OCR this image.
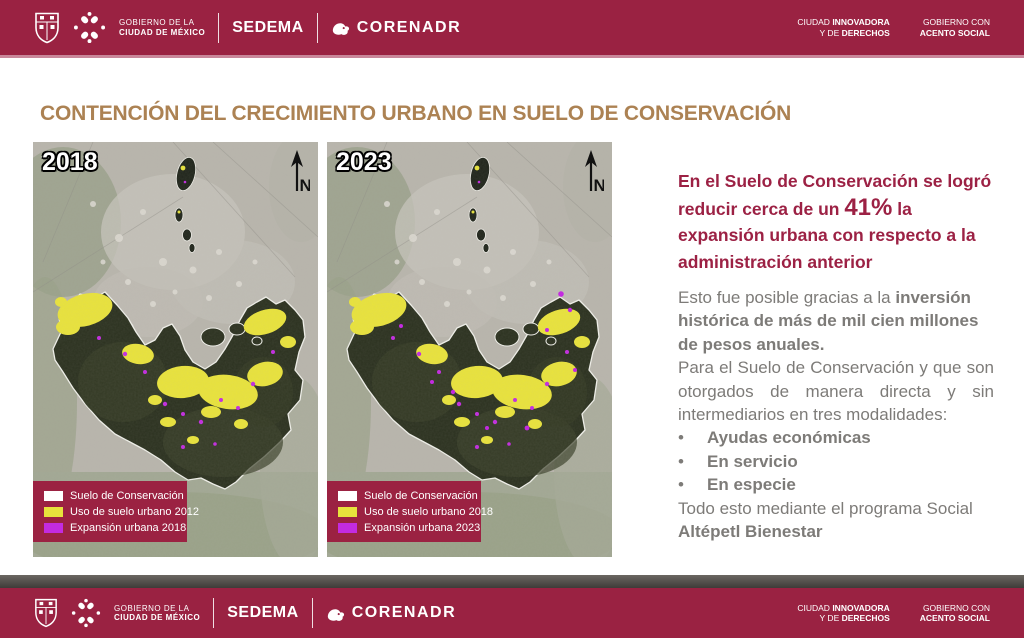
GOBIERNO DE LA
CIUDAD DE MÉXICO SEDEMA	CORENADR	CIUDAD INNOVADORA
Y DE DERECHOS
GOBIERNO CON
ACENTO SOCIAL
CONTENCIÓN DEL CRECIMIENTO URBANO EN SUELO DE CONSERVACIÓN
2018
Suelo de Conservación
Uso de suelo urbano 2012
Expansión urbana 2018
2023
Suelo de Conservación
Uso de suelo urbano 2018
Expansión urbana 2023

En el Suelo de Conservación se logró reducir cerca de un 41% la expansión urbana con respecto a la administración anterior

Esto fue posible gracias a la inversión histórica de más de mil cien millones de pesos anuales.
Para el Suelo de Conservación y que son otorgados de manera directa y sin intermediarios en tres modalidades:
•	Ayudas económicas
•	En servicio
•	En especie
Todo esto mediante el programa Social Altépetl Bienestar
GOBIERNO DE LA
CIUDAD DE MÉXICO SEDEMA	CORENADR	CIUDAD INNOVADORA
Y DE DERECHOS
GOBIERNO CON
ACENTO SOCIAL
